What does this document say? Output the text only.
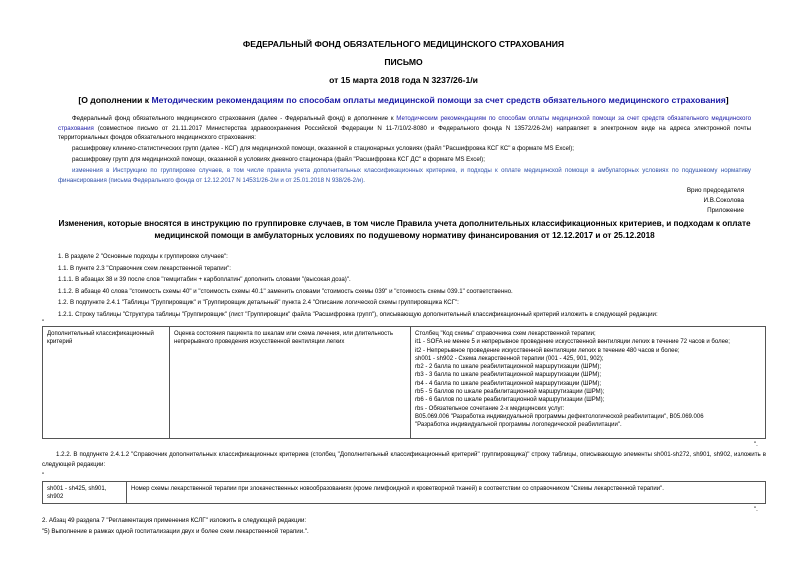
ФЕДЕРАЛЬНЫЙ ФОНД ОБЯЗАТЕЛЬНОГО МЕДИЦИНСКОГО СТРАХОВАНИЯ
ПИСЬМО
от 15 марта 2018 года N 3237/26-1/и
[О дополнении к Методическим рекомендациям по способам оплаты медицинской помощи за счет средств обязательного медицинского страхования]
Федеральный фонд обязательного медицинского страхования (далее - Федеральный фонд) в дополнение к Методическим рекомендациям по способам оплаты медицинской помощи за счет средств обязательного медицинского страхования (совместное письмо от 21.11.2017 Министерства здравоохранения Российской Федерации N 11-7/10/2-8080 и Федерального фонда N 13572/26-2/и) направляет в электронном виде на адреса электронной почты территориальных фондов обязательного медицинского страхования:
расшифровку клинико-статистических групп (далее - КСГ) для медицинской помощи, оказанной в стационарных условиях (файл "Расшифровка КСГ КС" в формате MS Excel);
расшифровку групп для медицинской помощи, оказанной в условиях дневного стационара (файл "Расшифровка КСГ ДС" в формате MS Excel);
изменения в Инструкцию по группировке случаев, в том числе правила учета дополнительных классификационных критериев, и подходы к оплате медицинской помощи в амбулаторных условиях по подушевому нормативу финансирования (письма Федерального фонда от 12.12.2017 N 14531/26-2/и и от 25.01.2018 N 938/26-2/и).
Врио председателя
И.В.Соколова
Приложение
Изменения, которые вносятся в инструкцию по группировке случаев, в том числе Правила учета дополнительных классификационных критериев, и подходам к оплате медицинской помощи в амбулаторных условиях по подушевому нормативу финансирования от 12.12.2017 и от 25.12.2018
1. В разделе 2 "Основные подходы к группировке случаев":
1.1. В пункте 2.3 "Справочник схем лекарственной терапии":
1.1.1. В абзацах 38 и 39 после слов "гемцитабин + карбоплатин" дополнить словами "(высокая доза)".
1.1.2. В абзаце 40 слова "стоимость схемы 40" и "стоимость схемы 40.1" заменить словами "стоимость схемы 039" и "стоимость схемы 039.1" соответственно.
1.2. В подпункте 2.4.1 "Таблицы "Группировщик" и "Группировщик детальный" пункта 2.4 "Описание логической схемы группировщика КСГ":
1.2.1. Строку таблицы "Структура таблицы "Группировщик" (лист "Группировщик" файла "Расшифровка групп"), описывающую дополнительный классификационный критерий изложить в следующей редакции:
"
Дополнительный классификационный критерий
Оценка состояния пациента по шкалам или схема лечения, или длительность непрерывного проведения искусственной вентиляции легких
Столбец "Код схемы" справочника схем лекарственной терапии;
it1 - SOFA не менее 5 и непрерывное проведение искусственной вентиляции легких в течение 72 часов и более;
it2 - Непрерывное проведение искусственной вентиляции легких в течение 480 часов и более;
sh001 - sh902 - Схема лекарственной терапии (001 - 425, 901, 902);
rb2 - 2 балла по шкале реабилитационной маршрутизации (ШРМ);
rb3 - 3 балла по шкале реабилитационной маршрутизации (ШРМ);
rb4 - 4 балла по шкале реабилитационной маршрутизации (ШРМ);
rb5 - 5 баллов по шкале реабилитационной маршрутизации (ШРМ);
rb6 - 6 баллов по шкале реабилитационной маршрутизации (ШРМ);
rbs - Обязательное сочетание 2-х медицинских услуг:
B05.069.006 "Разработка индивидуальной программы дефектологической реабилитации", B05.069.006
"Разработка индивидуальной программы логопедической реабилитации".
".
1.2.2. В подпункте 2.4.1.2 "Справочник дополнительных классификационных критериев (столбец "Дополнительный классификационный критерий" группировщика)" строку таблицы, описывающую элементы sh001-sh272, sh901, sh902, изложить в следующей редакции:
"
sh001 - sh425, sh901,
sh902
Номер схемы лекарственной терапии при злокачественных новообразованиях (кроме лимфоидной и кроветворной тканей) в соответствии со справочником "Схемы лекарственной терапии".
".
2. Абзац 49 раздела 7 "Регламентация применения КСЛГ" изложить в следующей редакции:
"5) Выполнение в рамках одной госпитализации двух и более схем лекарственной терапии.".
